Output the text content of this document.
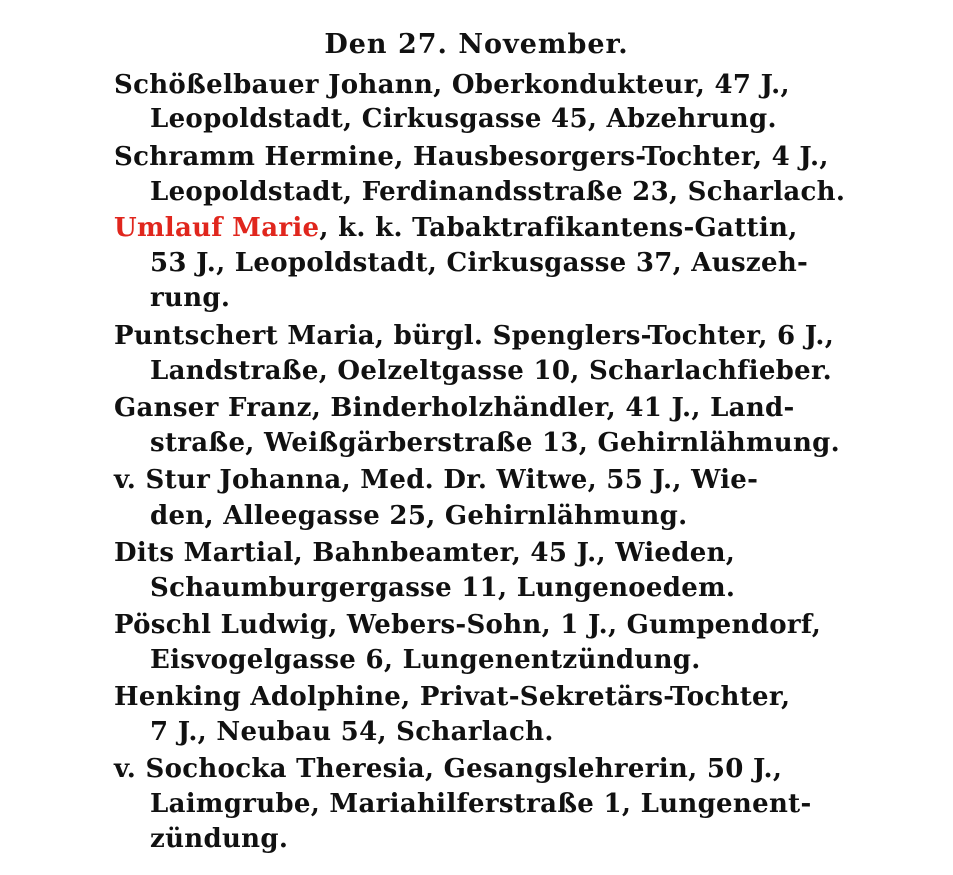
Den 27. November.
Schößelbauer Johann, Oberkondukteur, 47 J.,
Leopoldstadt, Cirkusgasse 45, Abzehrung.
Schramm Hermine, Hausbesorgers-Tochter, 4 J.,
Leopoldstadt, Ferdinandsstraße 23, Scharlach.
Umlauf Marie, k. k. Tabaktrafikantens-Gattin,
53 J., Leopoldstadt, Cirkusgasse 37, Auszeh-
rung.
Puntschert Maria, bürgl. Spenglers-Tochter, 6 J.,
Landstraße, Oelzeltgasse 10, Scharlachfieber.
Ganser Franz, Binderholzhändler, 41 J., Land-
straße, Weißgärberstraße 13, Gehirnlähmung.
v. Stur Johanna, Med. Dr. Witwe, 55 J., Wie-
den, Alleegasse 25, Gehirnlähmung.
Dits Martial, Bahnbeamter, 45 J., Wieden,
Schaumburgergasse 11, Lungenoedem.
Pöschl Ludwig, Webers-Sohn, 1 J., Gumpendorf,
Eisvogelgasse 6, Lungenentzündung.
Henking Adolphine, Privat-Sekretärs-Tochter,
7 J., Neubau 54, Scharlach.
v. Sochocka Theresia, Gesangslehrerin, 50 J.,
Laimgrube, Mariahilferstraße 1, Lungenent-
zündung.
